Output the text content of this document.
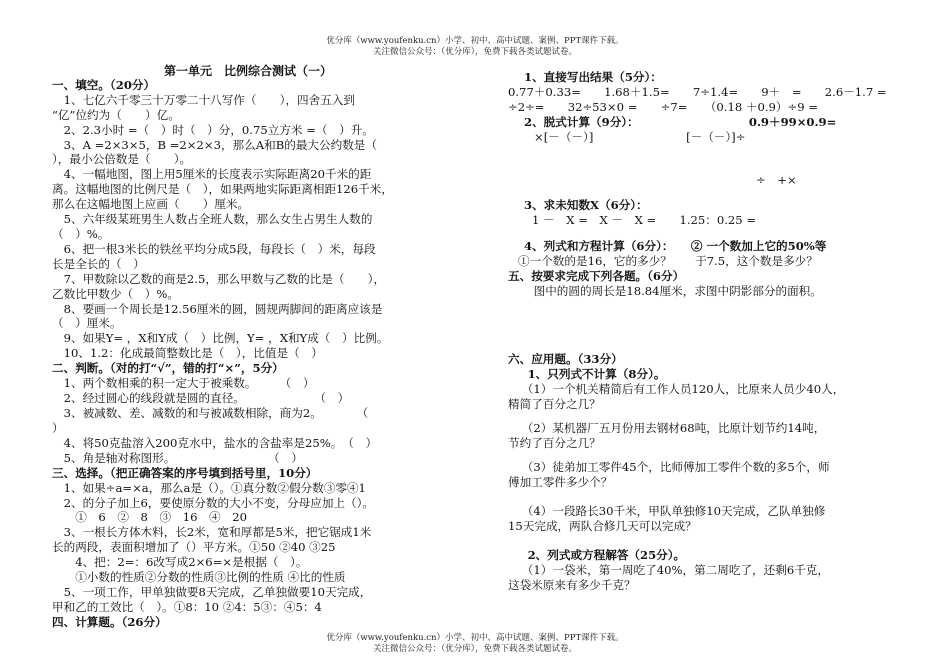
优分库（www.youfenku.cn）小学、初中、高中试题、案例、PPT课件下载。
关注微信公众号：（优分库），免费下载各类试题试卷。
第一单元　比例综合测试（一）
一、填空。（20分）
　1、七亿六千零三十万零二十八写作（　　），四舍五入到
“亿”位约为（　　）亿。
　2、2.3小时 =（　）时（　）分，0.75立方米 =（　）升。
　3、A =2×3×5，B =2×2×3，那么A和B的最大公约数是（
），最小公倍数是（　　）。
　4、一幅地图，图上用5厘米的长度表示实际距离20千米的距
离。这幅地图的比例尺是（　），如果两地实际距离相距126千米，
那么在这幅地图上应画（　　）厘米。
　5、六年级某班男生人数占全班人数，那么女生占男生人数的
（　）%。
　6、把一根3米长的铁丝平均分成5段，每段长（　）米，每段
长是全长的（　）
　7、甲数除以乙数的商是2.5，那么甲数与乙数的比是（　　），
乙数比甲数少（　）%。
　8、要画一个周长是12.56厘米的圆，圆规两脚间的距离应该是
（　）厘米。
　9、如果Y= ，X和Y成（　）比例，Y= ，X和Y成（　）比例。
　10、1.2：化成最简整数比是（　），比值是（　）
二、判断。（对的打“√”，错的打“×”，5分）
　1、两个数相乘的积一定大于被乘数。　　　（　）
　2、经过圆心的线段就是圆的直径。　　　　　　　（　）
　3、被减数、差、减数的和与被减数相除，商为2。　　　　（
）
　4、将50克盐溶入200克水中，盐水的含盐率是25%。　（　）
　5、角是轴对称图形。　　　　　　　　　（　）
三、选择。（把正确答案的序号填到括号里，10分）
　1、如果÷a=×a，那么a是（）。①真分数②假分数③零④1
　2、的分子加上6，要使原分数的大小不变，分母应加上（）。
　　①　6　②　8　③　16　④　20
　3、一根长方体木料，长2米，宽和厚都是5米，把它锯成1米
长的两段，表面积增加了（）平方米。①50 ②40 ③25
　　4、把：2=：6改写成2×6=×是根据（　）。
　　①小数的性质②分数的性质③比例的性质 ④比的性质
　5、一项工作，甲单独做要8天完成，乙单独做要10天完成，
甲和乙的工效比（　）。①8：10 ②4：5③：④5：4
四、计算题。（26分）
1、直接写出结果（5分）：
0.77＋0.33=　　1.68＋1.5=　　7÷1.4=　　9＋　=　　2.6－1.7 =
÷2÷=　　32÷53×0 =　　÷7=　　（0.18 ＋0.9）÷9 =
2、脱式计算（9分）：　　　　　　　　　　0.9＋99×0.9=
×[－（－）]　　　　　　　　[－（－）]÷
÷　+×
3、求未知数X（6分）：
1 －　X =　X －　X =　　1.25：0.25 =
4、列式和方程计算（6分）：　　② 一个数加上它的50%等
①一个数的是16，它的多少？　　于7.5，这个数是多少？
五、按要求完成下列各题。（6分）
　图中的圆的周长是18.84厘米，求图中阴影部分的面积。
六、应用题。（33分）
　1、只列式不计算（8分）。
　（1）一个机关精简后有工作人员120人，比原来人员少40人，
精简了百分之几？
　（2）某机器厂五月份用去钢材68吨，比原计划节约14吨，
节约了百分之几？
　（3）徒弟加工零件45个，比师傅加工零件个数的多5个，师
傅加工零件多少个？
　（4）一段路长30千米，甲队单独修10天完成，乙队单独修
15天完成，两队合修几天可以完成？
　2、列式或方程解答（25分）。
　（1）一袋米，第一周吃了40%，第二周吃了，还剩6千克，
这袋米原来有多少千克？
优分库（www.youfenku.cn）小学、初中、高中试题、案例、PPT课件下载。
关注微信公众号：（优分库），免费下载各类试题试卷。
